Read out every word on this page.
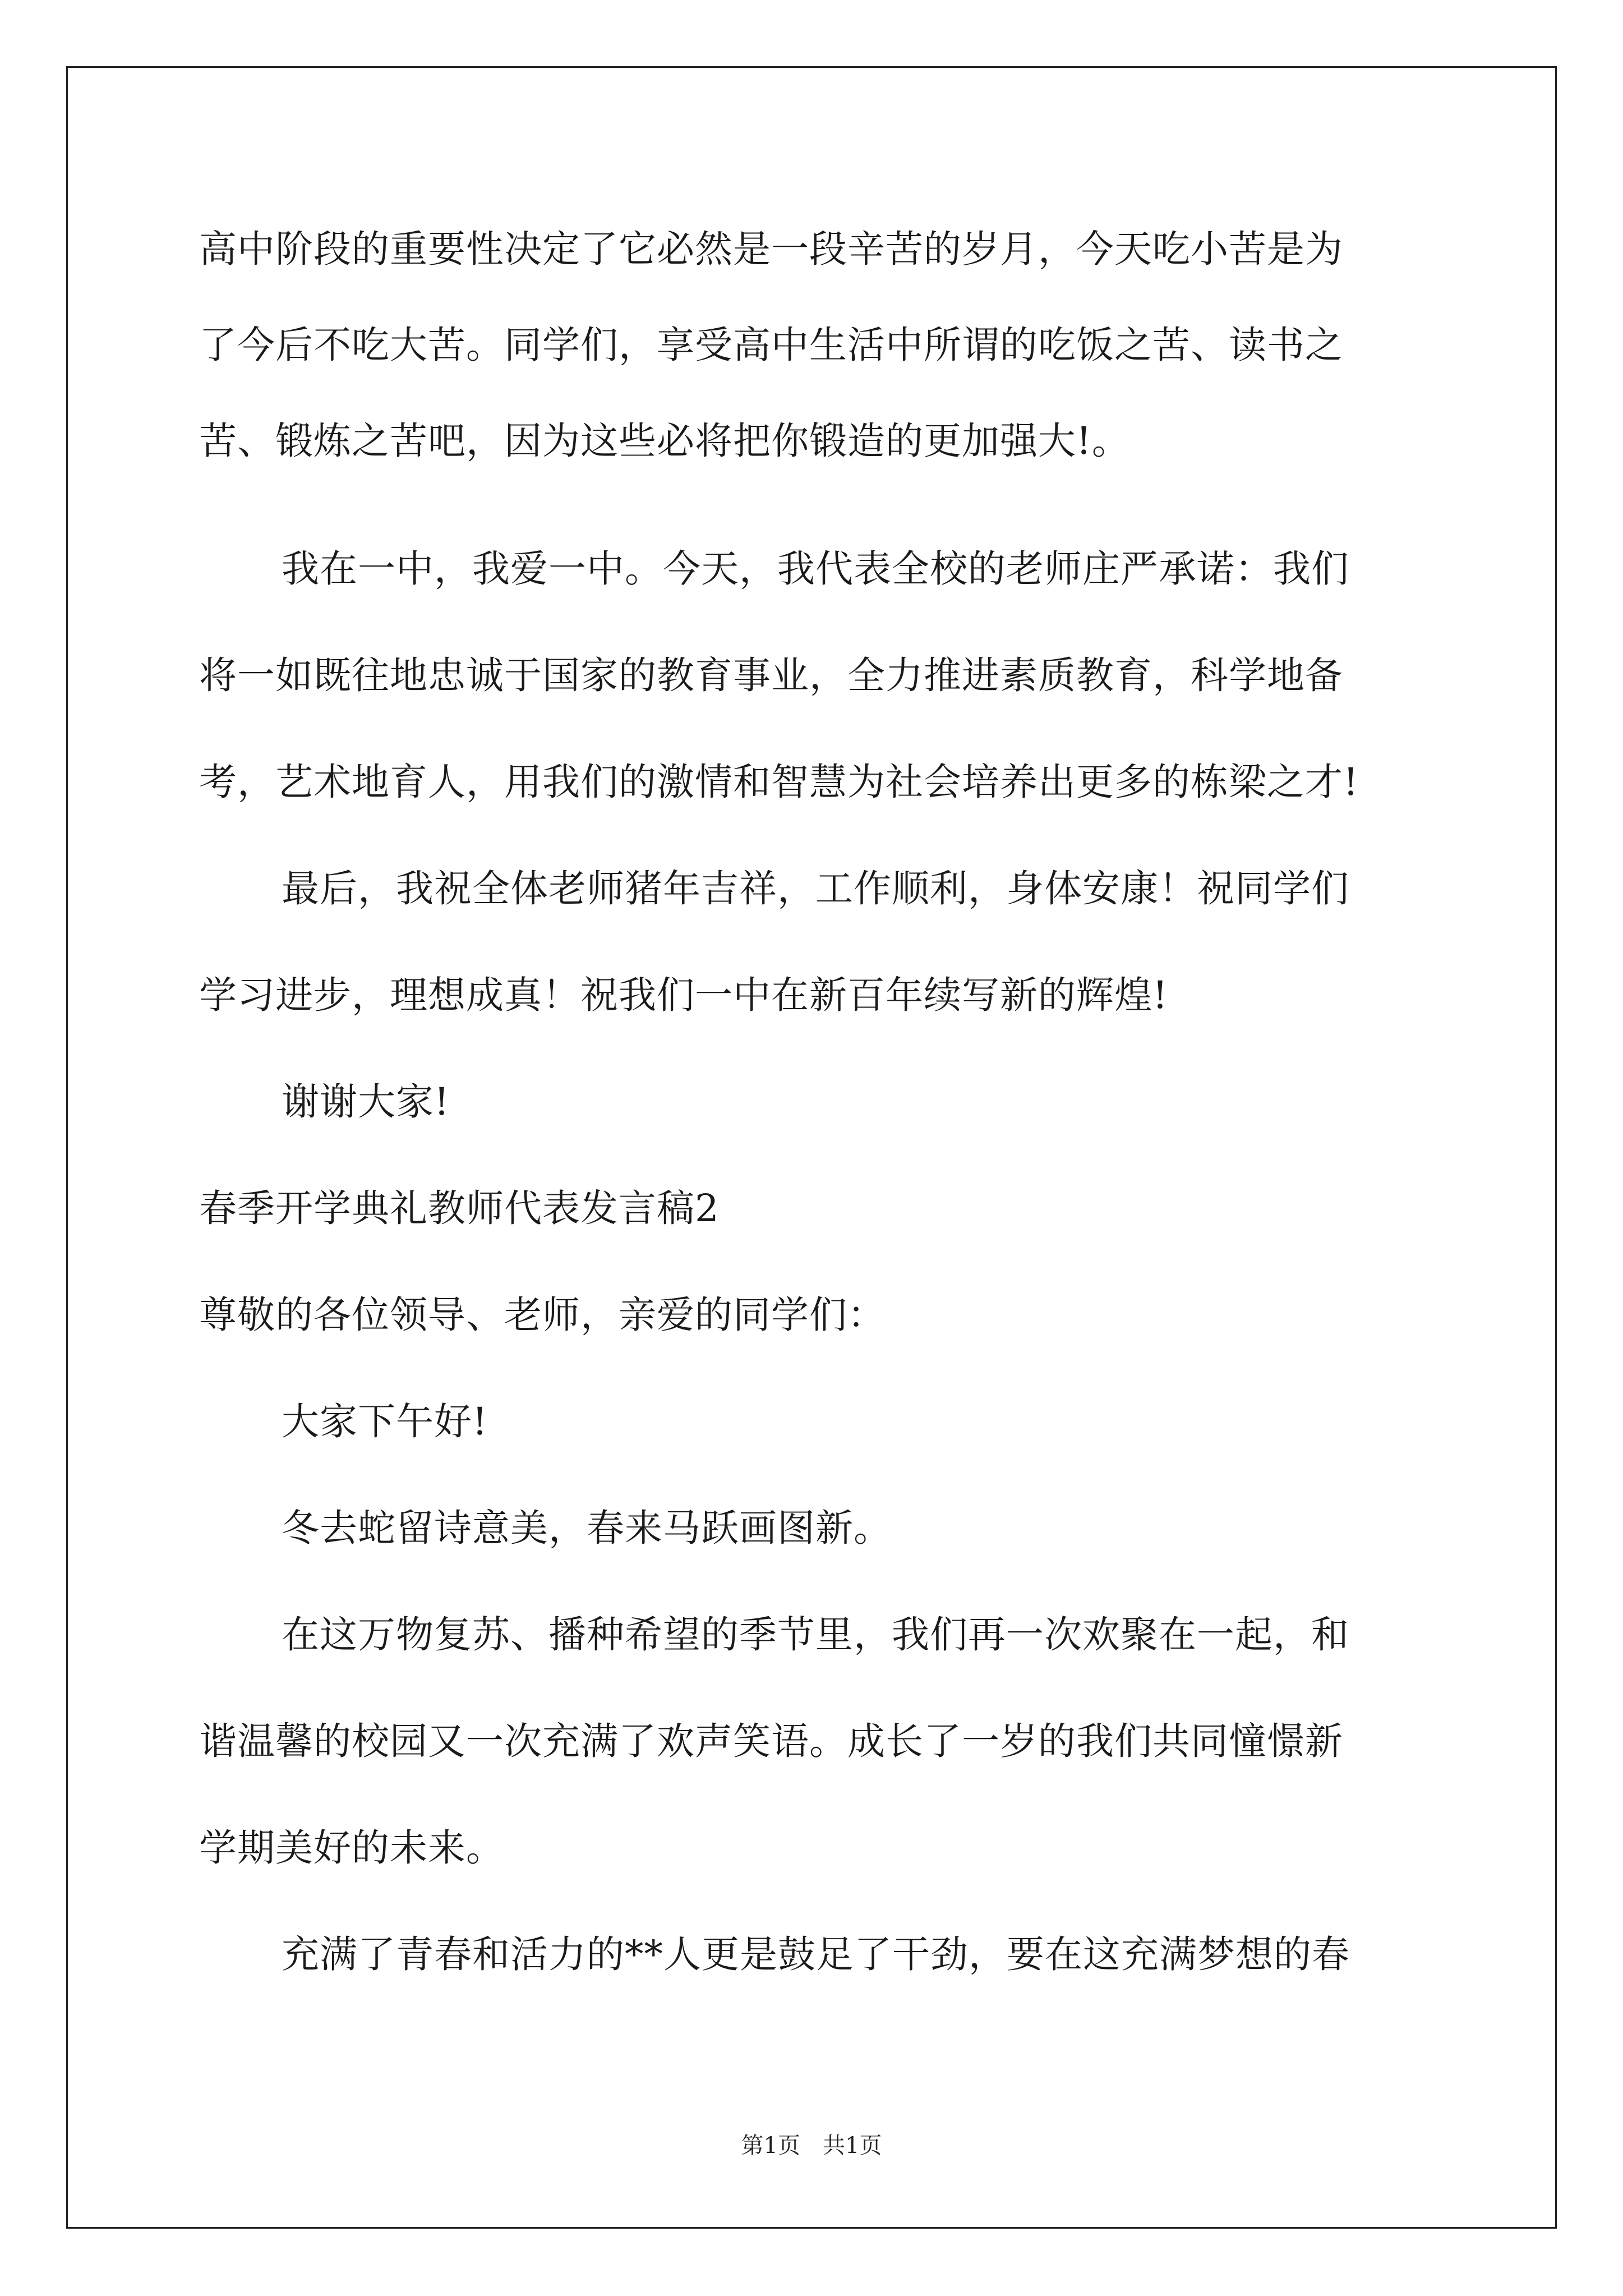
高中阶段的重要性决定了它必然是一段辛苦的岁月，今天吃小苦是为
了今后不吃大苦。同学们，享受高中生活中所谓的吃饭之苦、读书之
苦、锻炼之苦吧，因为这些必将把你锻造的更加强大!。
我在一中，我爱一中。今天，我代表全校的老师庄严承诺：我们
将一如既往地忠诚于国家的教育事业，全力推进素质教育，科学地备
考，艺术地育人，用我们的激情和智慧为社会培养出更多的栋梁之才!
最后，我祝全体老师猪年吉祥，工作顺利，身体安康！祝同学们
学习进步，理想成真！祝我们一中在新百年续写新的辉煌!
谢谢大家!
春季开学典礼教师代表发言稿2
尊敬的各位领导、老师，亲爱的同学们：
大家下午好!
冬去蛇留诗意美，春来马跃画图新。
在这万物复苏、播种希望的季节里，我们再一次欢聚在一起，和
谐温馨的校园又一次充满了欢声笑语。成长了一岁的我们共同憧憬新
学期美好的未来。
充满了青春和活力的**人更是鼓足了干劲，要在这充满梦想的春
第1页　共1页
